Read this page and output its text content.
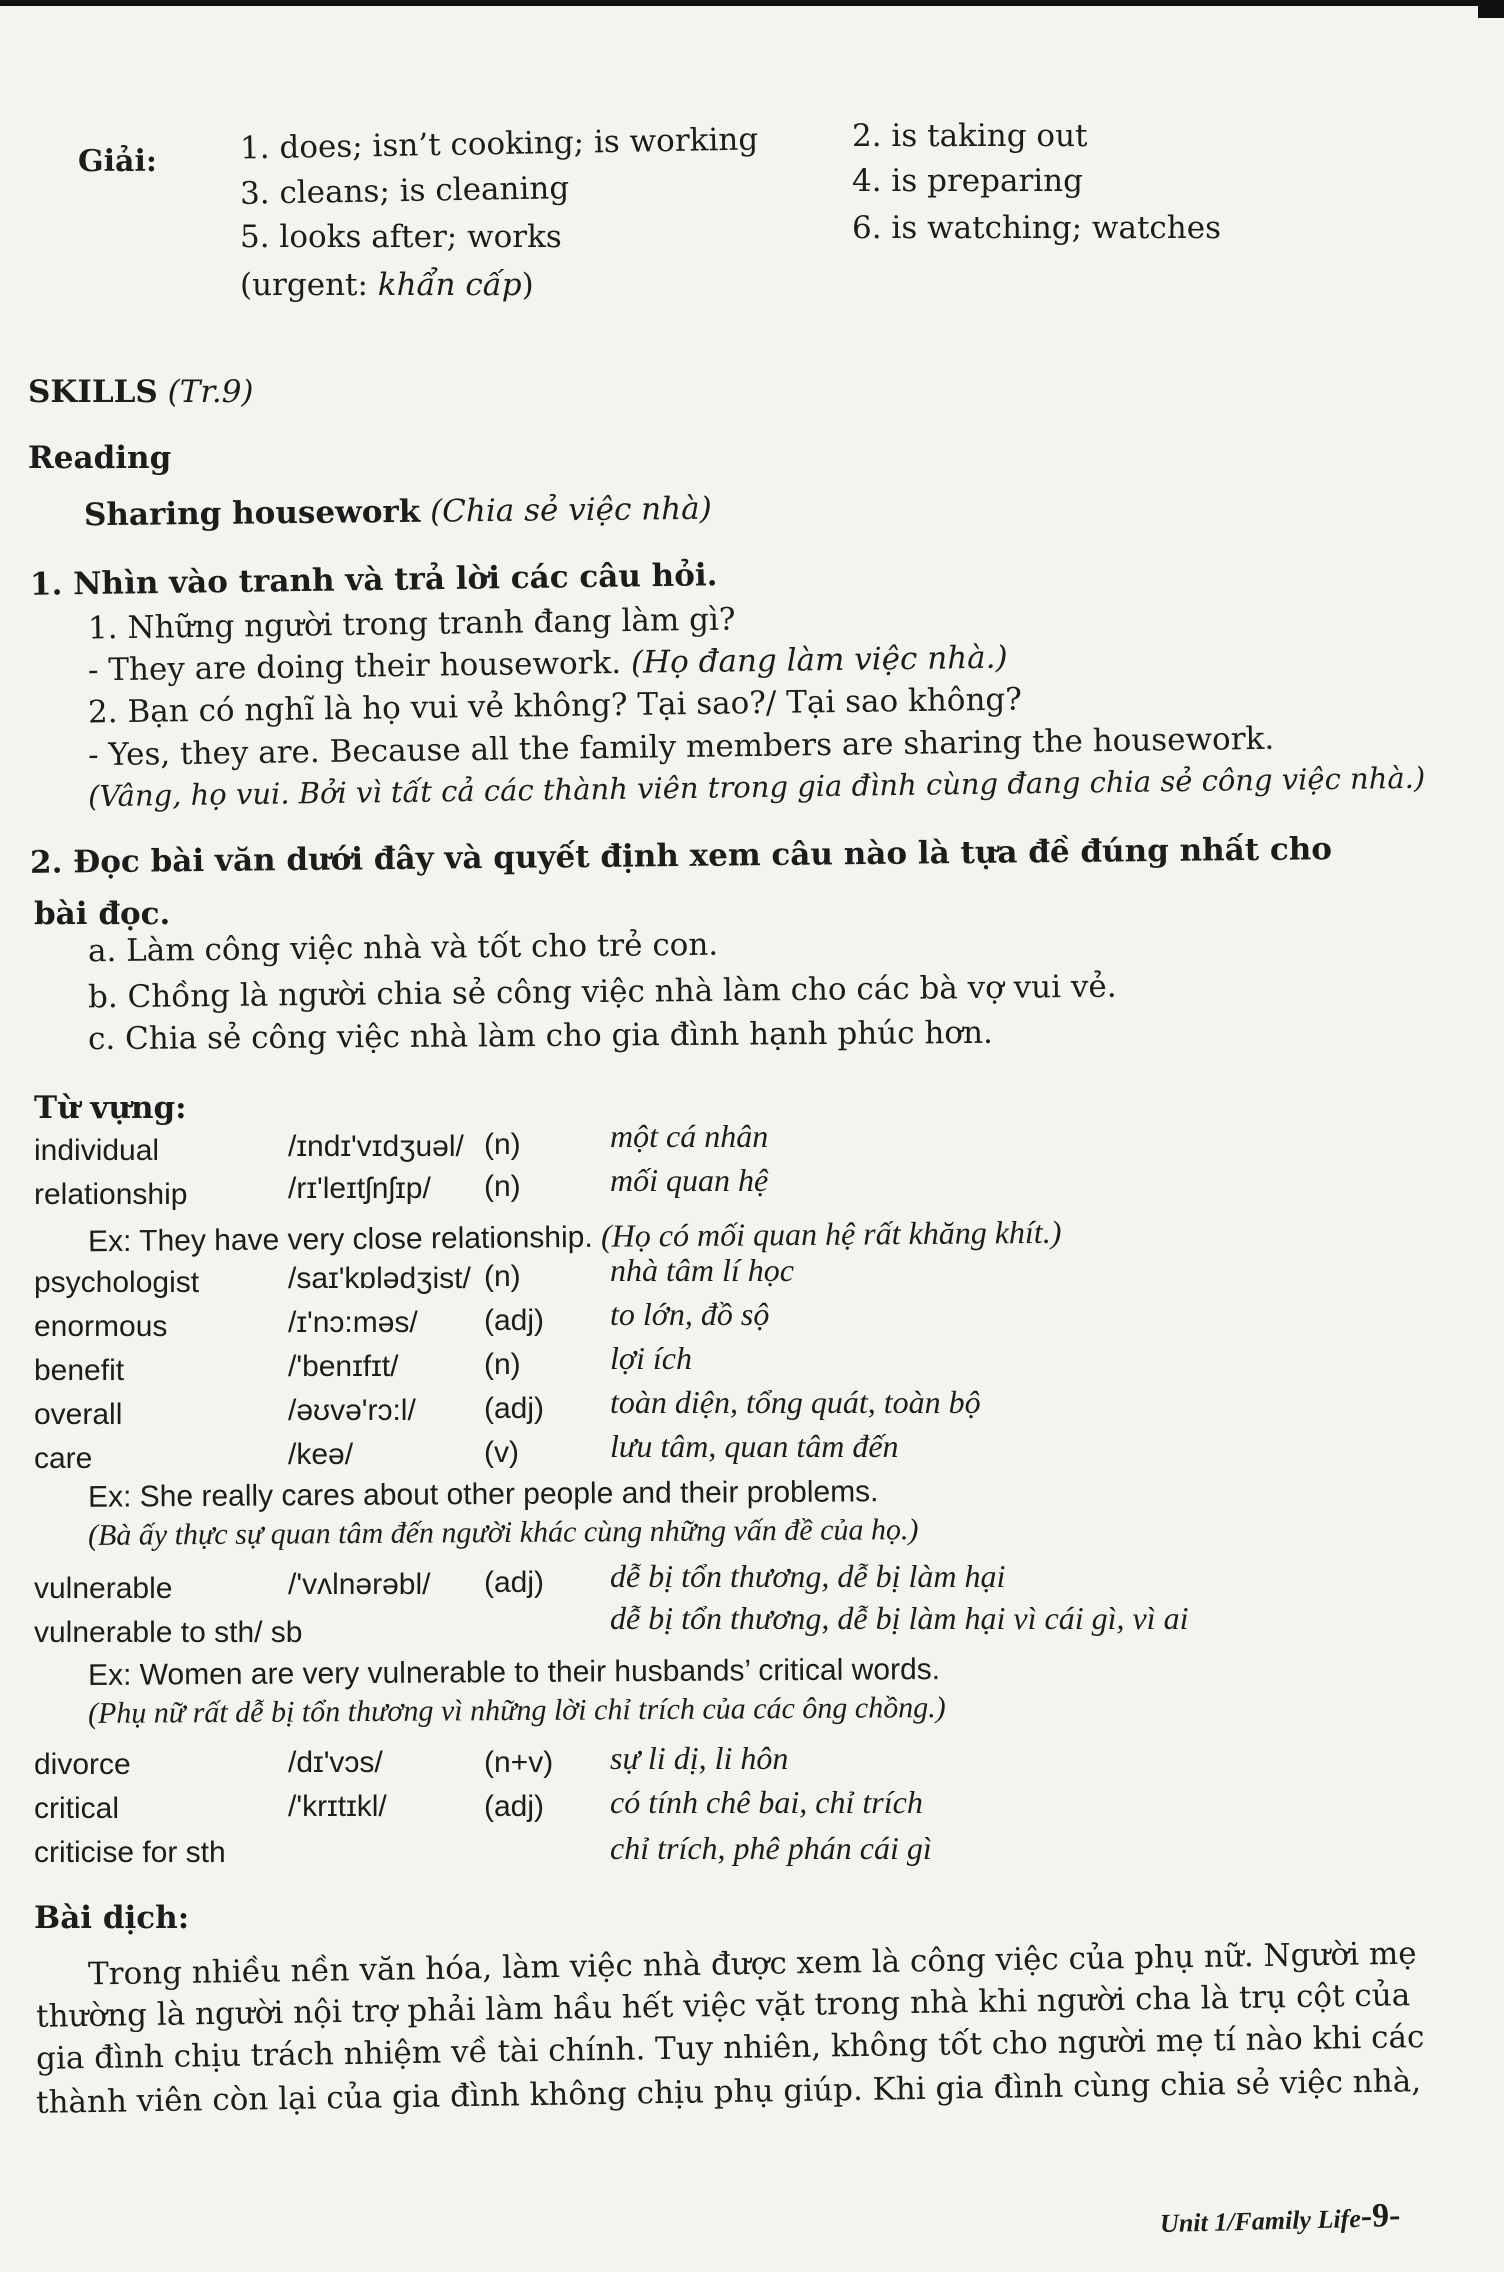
Giải:	1. does; isn’t cooking; is working
3. cleans; is cleaning
5. looks after; works
(urgent: khẩn cấp)
2. is taking out
4. is preparing
6. is watching; watches
SKILLS (Tr.9)
Reading
Sharing housework (Chia sẻ việc nhà)
1. Nhìn vào tranh và trả lời các câu hỏi.
1. Những người trong tranh đang làm gì?
- They are doing their housework. (Họ đang làm việc nhà.)
2. Bạn có nghĩ là họ vui vẻ không? Tại sao?/ Tại sao không?
- Yes, they are. Because all the family members are sharing the housework.
(Vâng, họ vui. Bởi vì tất cả các thành viên trong gia đình cùng đang chia sẻ công việc nhà.)
2. Đọc bài văn dưới đây và quyết định xem câu nào là tựa đề đúng nhất cho
bài đọc.
a. Làm công việc nhà và tốt cho trẻ con.
b. Chồng là người chia sẻ công việc nhà làm cho các bà vợ vui vẻ.
c. Chia sẻ công việc nhà làm cho gia đình hạnh phúc hơn.
Từ vựng:
individual	/ɪndɪ'vɪdʒuəl/ (n)	một cá nhân
relationship	/rɪ'leɪtʃnʃɪp/ (n)	mối quan hệ
Ex: They have very close relationship. (Họ có mối quan hệ rất khăng khít.)
psychologist	/saɪ'kɒlədʒist/ (n)	nhà tâm lí học
enormous	/ɪ'nɔ:məs/ (adj) to lớn, đồ sộ
benefit	/'benɪfɪt/	(n)	lợi ích
overall	/əʊvə'rɔ:l/ (adj) toàn diện, tổng quát, toàn bộ
care	/keə/	(v)	lưu tâm, quan tâm đến
Ex: She really cares about other people and their problems.
(Bà ấy thực sự quan tâm đến người khác cùng những vấn đề của họ.)
vulnerable	/'vʌlnərəbl/ (adj) dễ bị tổn thương, dễ bị làm hại
vulnerable to sth/ sb	dễ bị tổn thương, dễ bị làm hại vì cái gì, vì ai
Ex: Women are very vulnerable to their husbands’ critical words.
(Phụ nữ rất dễ bị tổn thương vì những lời chỉ trích của các ông chồng.)
divorce	/dɪ'vɔs/	(n+v) sự li dị, li hôn
critical	/'krɪtɪkl/	(adj) có tính chê bai, chỉ trích
criticise for sth	chỉ trích, phê phán cái gì
Bài dịch:
Trong nhiều nền văn hóa, làm việc nhà được xem là công việc của phụ nữ. Người mẹ
thường là người nội trợ phải làm hầu hết việc vặt trong nhà khi người cha là trụ cột của
gia đình chịu trách nhiệm về tài chính. Tuy nhiên, không tốt cho người mẹ tí nào khi các
thành viên còn lại của gia đình không chịu phụ giúp. Khi gia đình cùng chia sẻ việc nhà,
Unit 1/Family Life-9-
